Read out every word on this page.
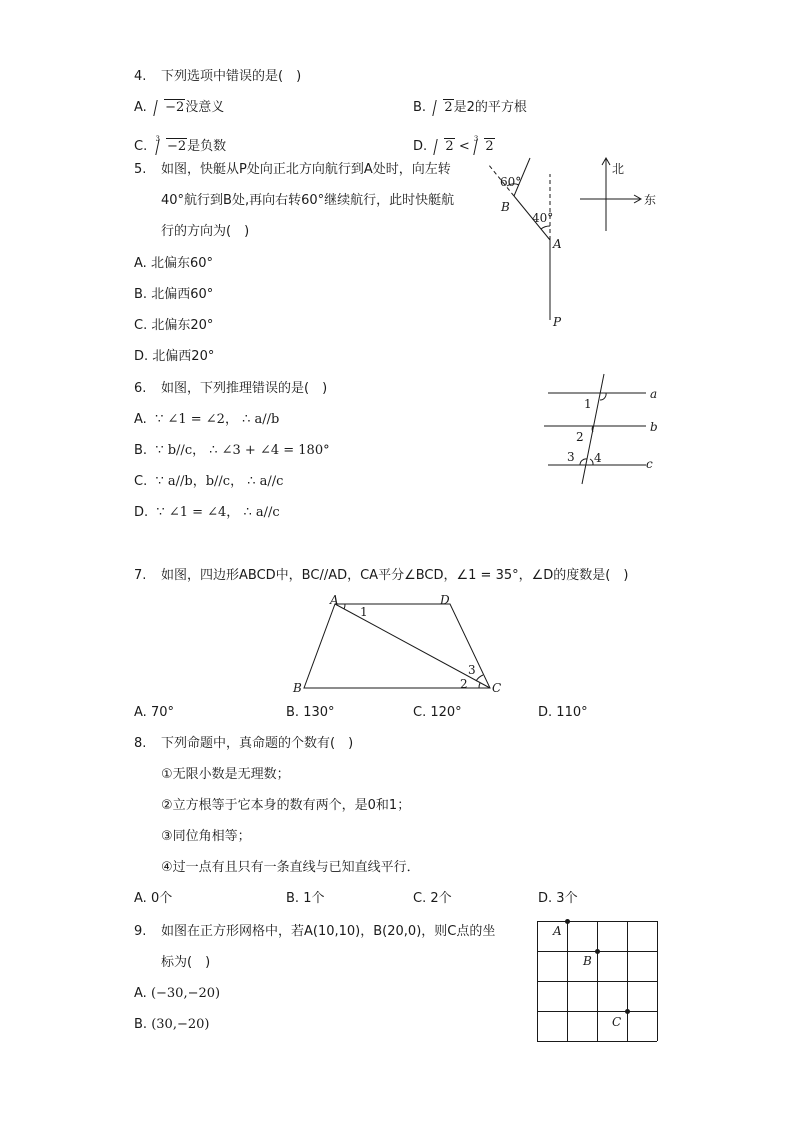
4. 下列选项中错误的是(　)
A. −2没意义	B. 2是2的平方根
C. $^3$ −2是负数	D. 2 < $^3$ 2
5. 如图，快艇从P处向正北方向航行到A处时，向左转
40°航行到B处,再向右转60°继续航行，此时快艇航
行的方向为(　)
A. 北偏东60°
B. 北偏西60°
C. 北偏东20°
D. 北偏西20°
60°
40°
B
A
P
北
东
6. 如图，下列推理错误的是(　)
A. ∵ ∠1 = ∠2， ∴ a//b
B. ∵ b//c， ∴ ∠3 + ∠4 = 180°
C. ∵ a//b，b//c， ∴ a//c
D. ∵ ∠1 = ∠4， ∴ a//c
1
2
3 4
a
b
c
7. 如图，四边形ABCD中，BC//AD，CA平分∠BCD，∠1 = 35°，∠D的度数是(　)
A	D
B	C
1
2
3
A. 70°	B. 130°	C. 120°	D. 110°
8. 下列命题中，真命题的个数有(　)
①无限小数是无理数；
②立方根等于它本身的数有两个，是0和1；
③同位角相等；
④过一点有且只有一条直线与已知直线平行．
A. 0个	B. 1个	C. 2个	D. 3个
9. 如图在正方形网格中，若A(10,10)，B(20,0)，则C点的坐
标为(　)
A. (−30,−20)
B. (30,−20)
A
B
C
